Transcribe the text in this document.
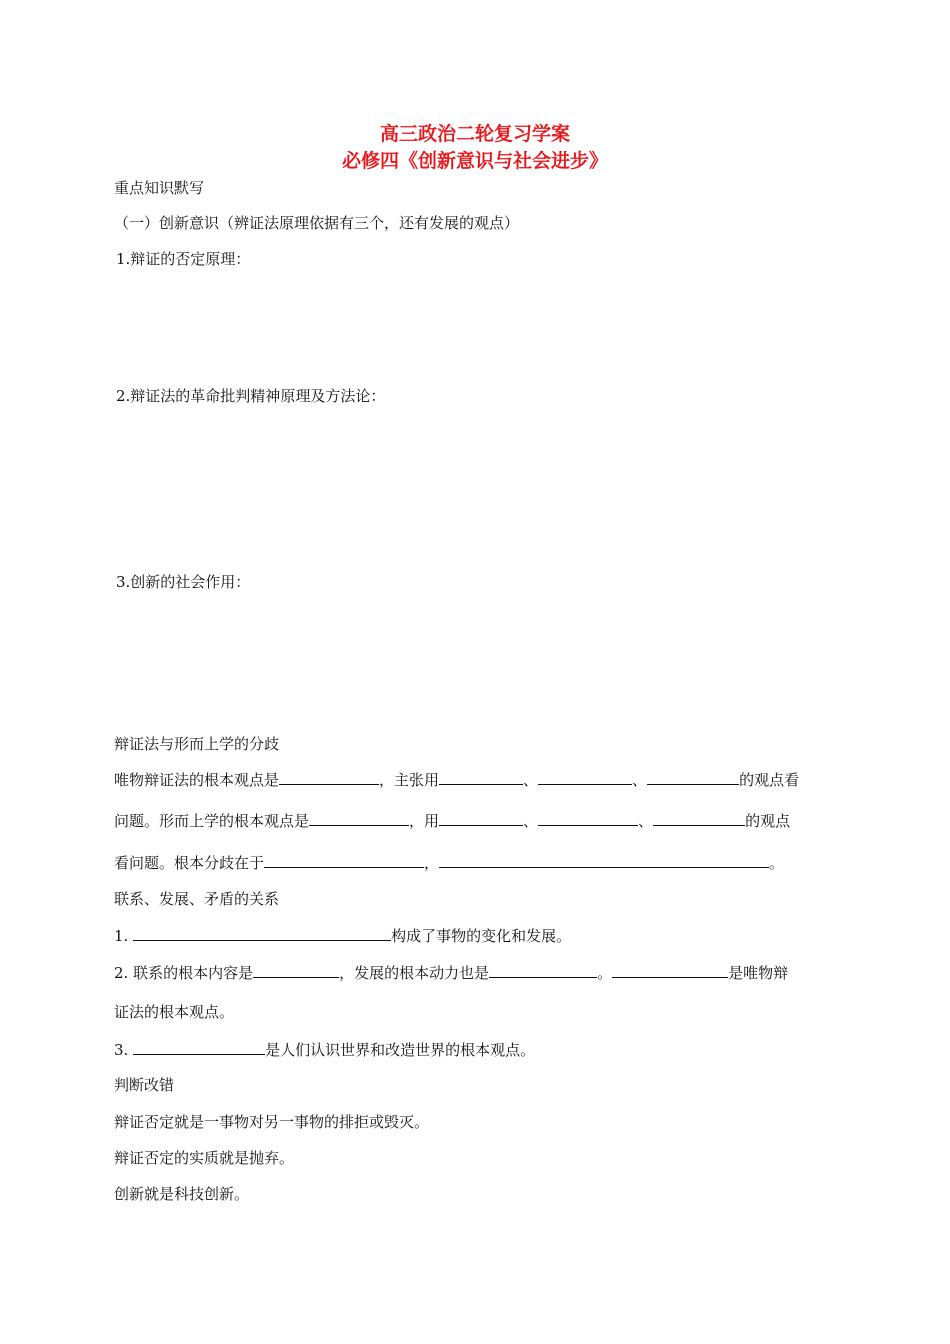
高三政治二轮复习学案
必修四《创新意识与社会进步》
重点知识默写
（一）创新意识（辨证法原理依据有三个，还有发展的观点）
1.辩证的否定原理：
2.辩证法的革命批判精神原理及方法论：
3.创新的社会作用：
辩证法与形而上学的分歧
唯物辩证法的根本观点是	，主张用	、	、	的观点看
问题。形而上学的根本观点是	，用	、	、	的观点
看问题。根本分歧在于	，	。
联系、发展、矛盾的关系
1.	构成了事物的变化和发展。
2. 联系的根本内容是	，发展的根本动力也是	。	是唯物辩
证法的根本观点。
3.	是人们认识世界和改造世界的根本观点。
判断改错
辩证否定就是一事物对另一事物的排拒或毁灭。
辩证否定的实质就是抛弃。
创新就是科技创新。
